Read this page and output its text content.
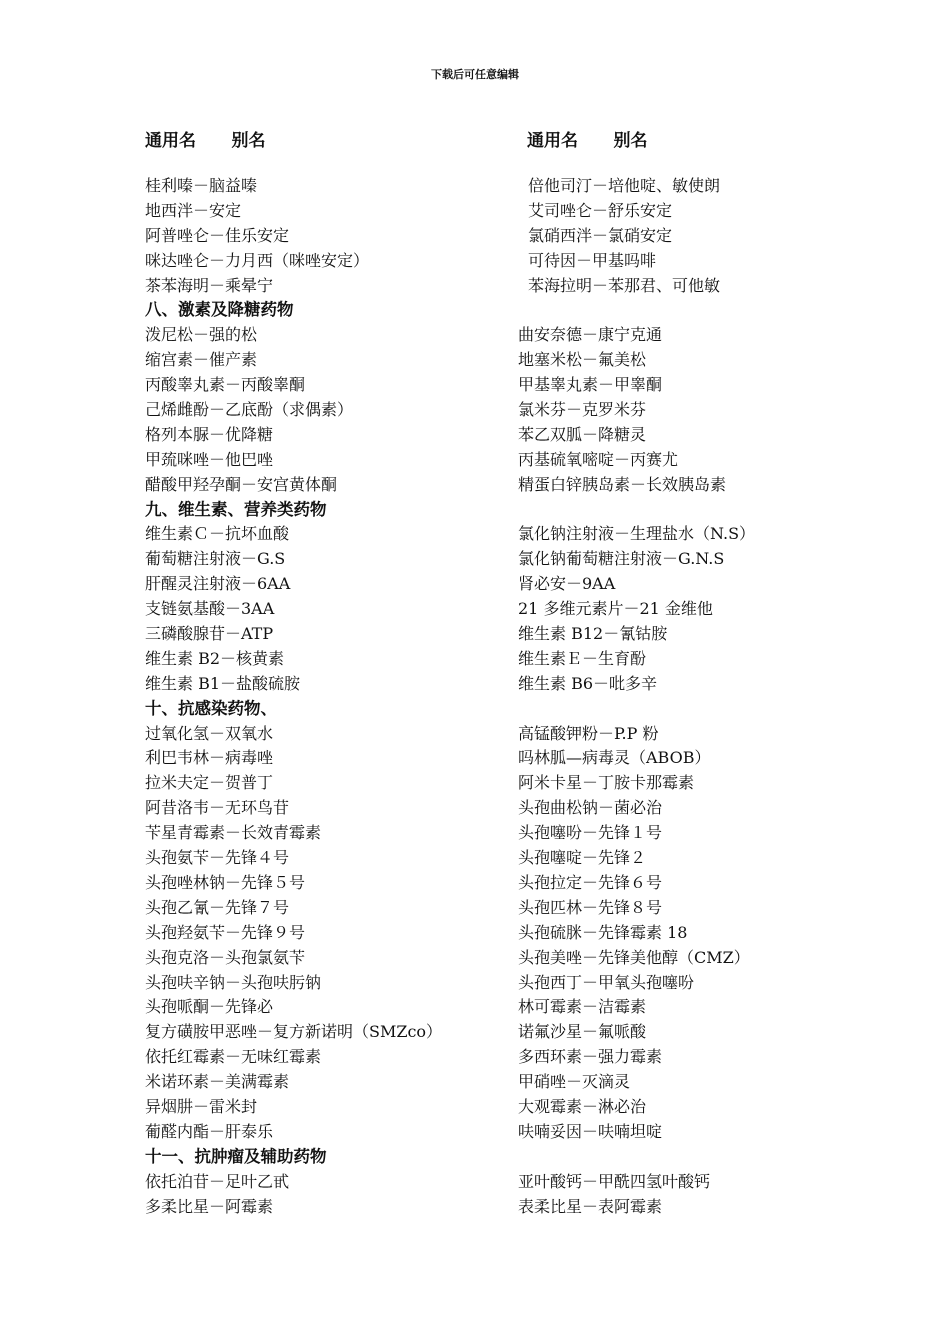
下载后可任意编辑
通用名      别名	通用名      别名
桂利嗪－脑益嗪	倍他司汀－培他啶、敏使朗
地西泮－安定	艾司唑仑－舒乐安定
阿普唑仑－佳乐安定	氯硝西泮－氯硝安定
咪达唑仑－力月西（咪唑安定）	可待因－甲基吗啡
茶苯海明－乘晕宁	苯海拉明－苯那君、可他敏
八、激素及降糖药物
泼尼松－强的松	曲安奈德－康宁克通
缩宫素－催产素	地塞米松－氟美松
丙酸睾丸素－丙酸睾酮	甲基睾丸素－甲睾酮
己烯雌酚－乙底酚（求偶素）	氯米芬－克罗米芬
格列本脲－优降糖	苯乙双胍－降糖灵
甲巯咪唑－他巴唑	丙基硫氧嘧啶－丙赛尤
醋酸甲羟孕酮－安宫黄体酮	精蛋白锌胰岛素－长效胰岛素
九、维生素、营养类药物
维生素Ｃ－抗坏血酸	氯化钠注射液－生理盐水（N.S）
葡萄糖注射液－G.S	氯化钠葡萄糖注射液－G.N.S
肝醒灵注射液－6AA	肾必安－9AA
支链氨基酸－3AA	21 多维元素片－21 金维他
三磷酸腺苷－ATP	维生素 B12－氰钴胺
维生素 B2－核黄素	维生素Ｅ－生育酚
维生素 B1－盐酸硫胺	维生素 B6－吡多辛
十、抗感染药物、
过氧化氢－双氧水	高锰酸钾粉－P.P 粉
利巴韦林－病毒唑	吗林胍—病毒灵（ABOB）
拉米夫定－贺普丁	阿米卡星－丁胺卡那霉素
阿昔洛韦－无环鸟苷	头孢曲松钠－菌必治
苄星青霉素－长效青霉素	头孢噻吩－先锋１号
头孢氨苄－先锋４号	头孢噻啶－先锋２
头孢唑林钠－先锋５号	头孢拉定－先锋６号
头孢乙氰－先锋７号	头孢匹林－先锋８号
头孢羟氨苄－先锋９号	头孢硫脒－先锋霉素 18
头孢克洛－头孢氯氨苄	头孢美唑－先锋美他醇（CMZ）
头孢呋辛钠－头孢呋肟钠	头孢西丁－甲氧头孢噻吩
头孢哌酮－先锋必	林可霉素－洁霉素
复方磺胺甲恶唑－复方新诺明（SMZco）	诺氟沙星－氟哌酸
依托红霉素－无味红霉素	多西环素－强力霉素
米诺环素－美满霉素	甲硝唑－灭滴灵
异烟肼－雷米封	大观霉素－淋必治
葡醛内酯－肝泰乐	呋喃妥因－呋喃坦啶
十一、抗肿瘤及辅助药物
依托泊苷－足叶乙甙	亚叶酸钙－甲酰四氢叶酸钙
多柔比星－阿霉素	表柔比星－表阿霉素
